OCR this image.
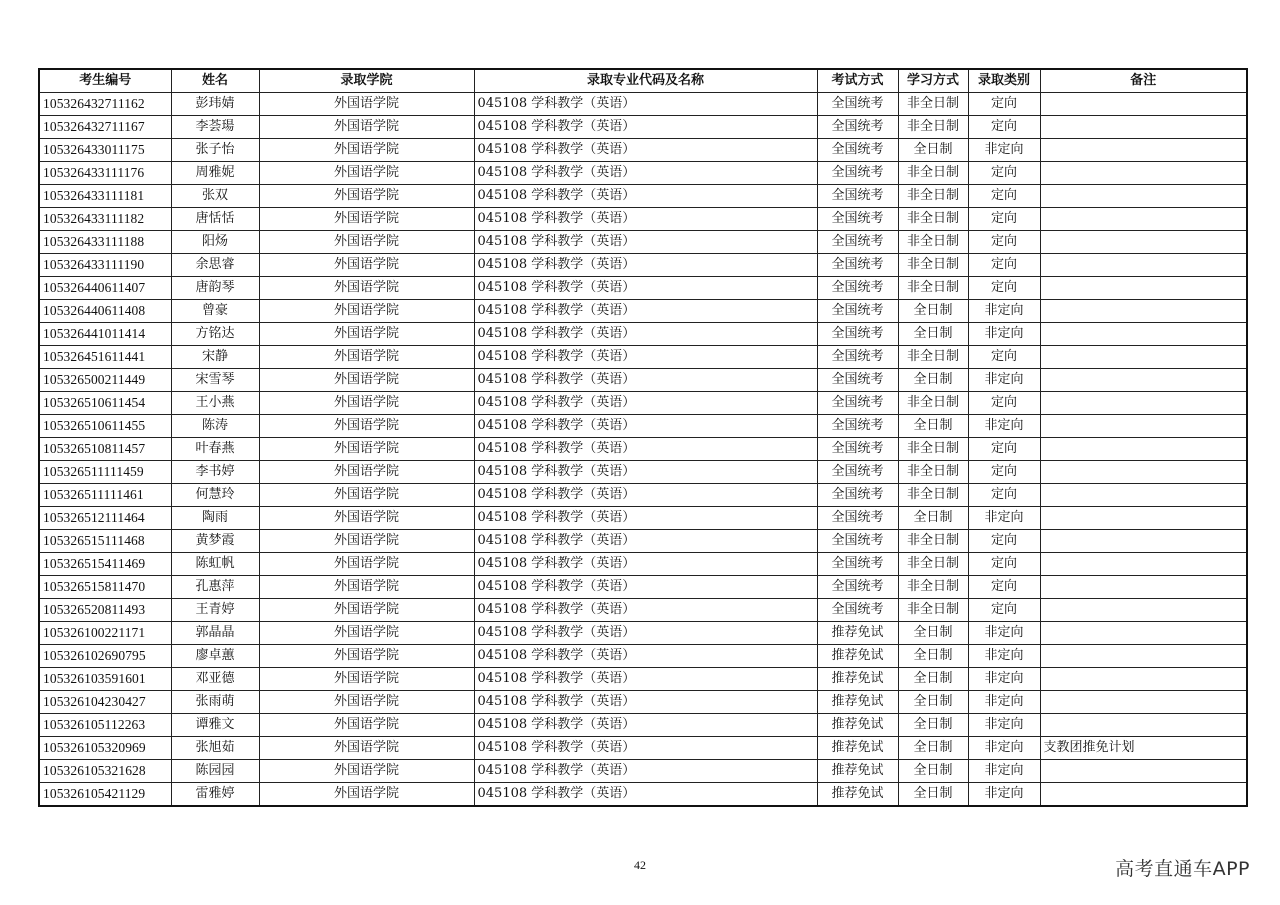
考生编号	姓名	录取学院	录取专业代码及名称	考试方式	学习方式	录取类别	备注
105326432711162	彭玮婧	外国语学院	045108 学科教学（英语）	全国统考	非全日制	定向	
105326432711167	李荟瑒	外国语学院	045108 学科教学（英语）	全国统考	非全日制	定向	
105326433011175	张子怡	外国语学院	045108 学科教学（英语）	全国统考	全日制	非定向	
105326433111176	周雅妮	外国语学院	045108 学科教学（英语）	全国统考	非全日制	定向	
105326433111181	张双	外国语学院	045108 学科教学（英语）	全国统考	非全日制	定向	
105326433111182	唐恬恬	外国语学院	045108 学科教学（英语）	全国统考	非全日制	定向	
105326433111188	阳炀	外国语学院	045108 学科教学（英语）	全国统考	非全日制	定向	
105326433111190	余思睿	外国语学院	045108 学科教学（英语）	全国统考	非全日制	定向	
105326440611407	唐韵琴	外国语学院	045108 学科教学（英语）	全国统考	非全日制	定向	
105326440611408	曾豪	外国语学院	045108 学科教学（英语）	全国统考	全日制	非定向	
105326441011414	方铭达	外国语学院	045108 学科教学（英语）	全国统考	全日制	非定向	
105326451611441	宋静	外国语学院	045108 学科教学（英语）	全国统考	非全日制	定向	
105326500211449	宋雪琴	外国语学院	045108 学科教学（英语）	全国统考	全日制	非定向	
105326510611454	王小燕	外国语学院	045108 学科教学（英语）	全国统考	非全日制	定向	
105326510611455	陈涛	外国语学院	045108 学科教学（英语）	全国统考	全日制	非定向	
105326510811457	叶春燕	外国语学院	045108 学科教学（英语）	全国统考	非全日制	定向	
105326511111459	李书婷	外国语学院	045108 学科教学（英语）	全国统考	非全日制	定向	
105326511111461	何慧玲	外国语学院	045108 学科教学（英语）	全国统考	非全日制	定向	
105326512111464	陶雨	外国语学院	045108 学科教学（英语）	全国统考	全日制	非定向	
105326515111468	黄梦霞	外国语学院	045108 学科教学（英语）	全国统考	非全日制	定向	
105326515411469	陈虹帆	外国语学院	045108 学科教学（英语）	全国统考	非全日制	定向	
105326515811470	孔惠萍	外国语学院	045108 学科教学（英语）	全国统考	非全日制	定向	
105326520811493	王青婷	外国语学院	045108 学科教学（英语）	全国统考	非全日制	定向	
105326100221171	郭晶晶	外国语学院	045108 学科教学（英语）	推荐免试	全日制	非定向	
105326102690795	廖卓蕙	外国语学院	045108 学科教学（英语）	推荐免试	全日制	非定向	
105326103591601	邓亚德	外国语学院	045108 学科教学（英语）	推荐免试	全日制	非定向	
105326104230427	张雨萌	外国语学院	045108 学科教学（英语）	推荐免试	全日制	非定向	
105326105112263	谭雅文	外国语学院	045108 学科教学（英语）	推荐免试	全日制	非定向	
105326105320969	张旭茹	外国语学院	045108 学科教学（英语）	推荐免试	全日制	非定向	支教团推免计划
105326105321628	陈园园	外国语学院	045108 学科教学（英语）	推荐免试	全日制	非定向	
105326105421129	雷雅婷	外国语学院	045108 学科教学（英语）	推荐免试	全日制	非定向	
42	高考直通车APP
